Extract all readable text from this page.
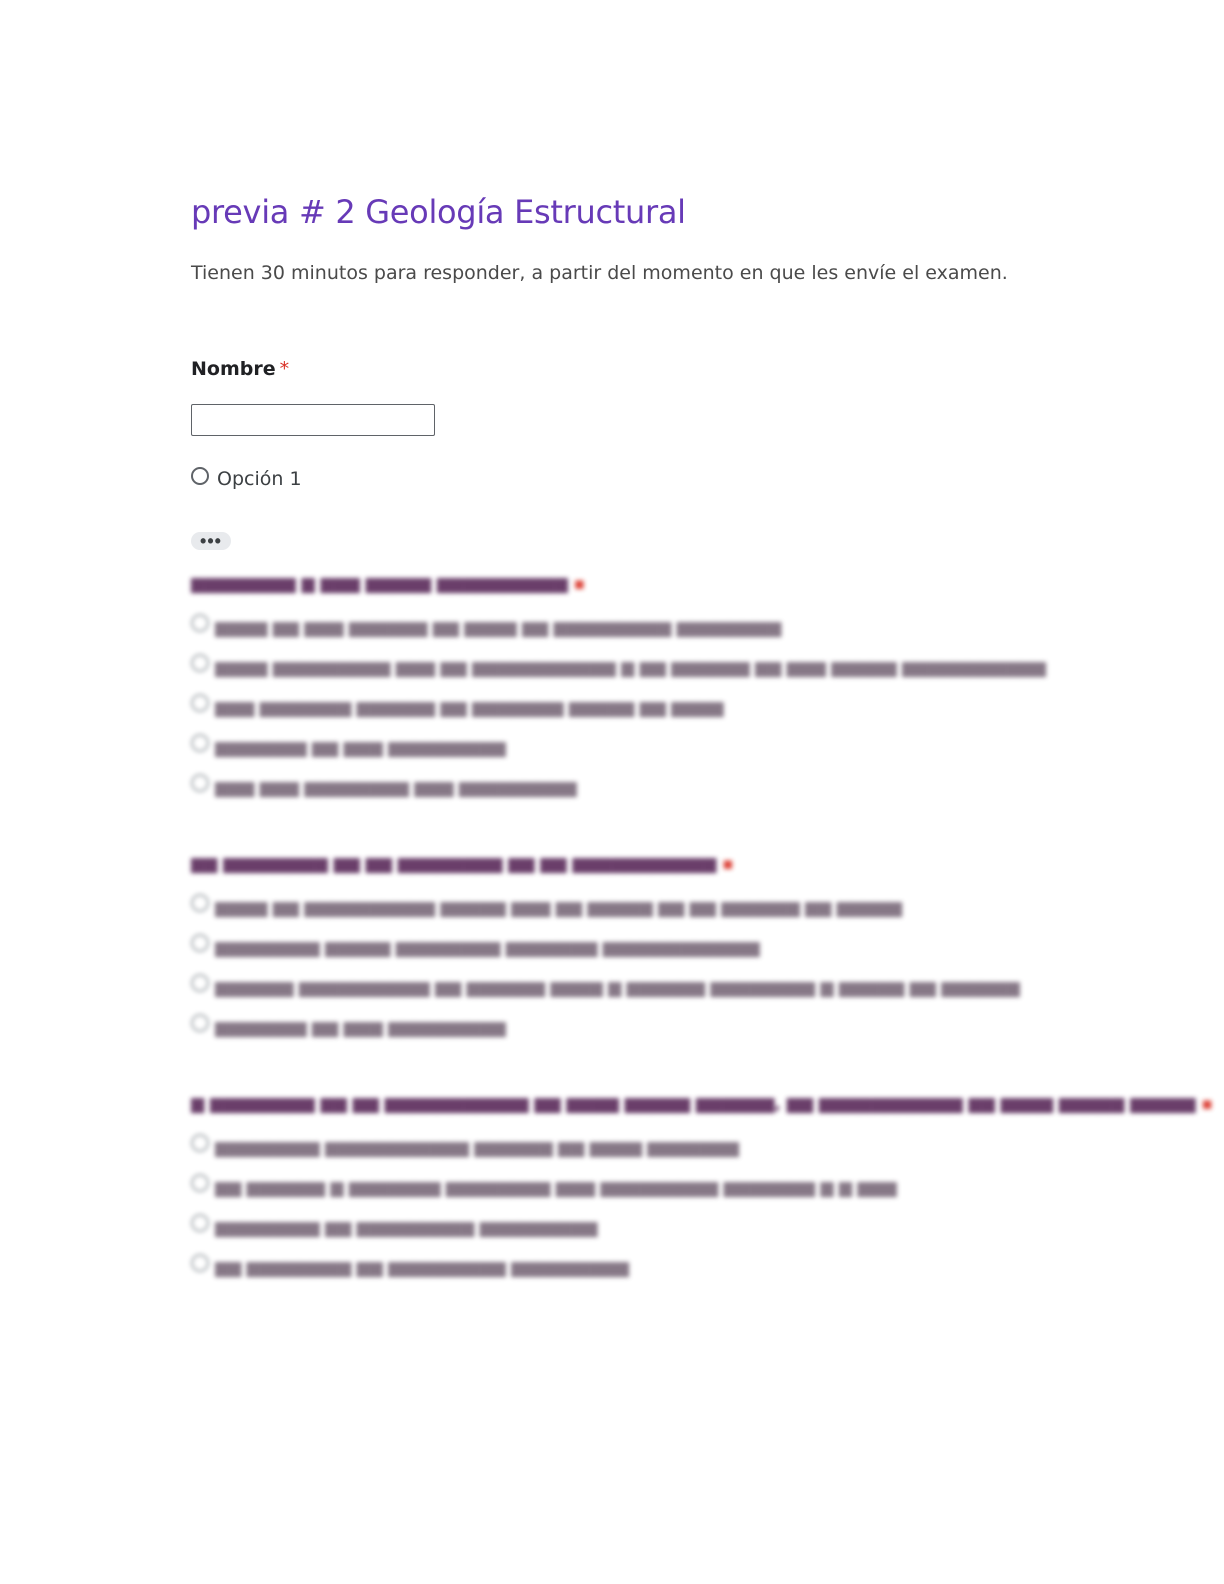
previa # 2 Geología Estructural
Tienen 30 minutos para responder, a partir del momento en que les envíe el examen.
Nombre *
Opción 1
•••
▆▆▆▆▆▆▆▆ ▆ ▆▆▆ ▆▆▆▆▆ ▆▆▆▆▆▆▆▆▆▆ ▪
▆▆▆▆ ▆▆ ▆▆▆ ▆▆▆▆▆▆ ▆▆ ▆▆▆▆ ▆▆ ▆▆▆▆▆▆▆▆▆ ▆▆▆▆▆▆▆▆
▆▆▆▆ ▆▆▆▆▆▆▆▆▆ ▆▆▆ ▆▆ ▆▆▆▆▆▆▆▆▆▆▆ ▆ ▆▆ ▆▆▆▆▆▆ ▆▆ ▆▆▆ ▆▆▆▆▆ ▆▆▆▆▆▆▆▆▆▆▆
▆▆▆ ▆▆▆▆▆▆▆ ▆▆▆▆▆▆ ▆▆ ▆▆▆▆▆▆▆ ▆▆▆▆▆ ▆▆ ▆▆▆▆
▆▆▆▆▆▆▆ ▆▆ ▆▆▆ ▆▆▆▆▆▆▆▆▆
▆▆▆ ▆▆▆ ▆▆▆▆▆▆▆▆ ▆▆▆ ▆▆▆▆▆▆▆▆▆
▆▆ ▆▆▆▆▆▆▆▆ ▆▆ ▆▆ ▆▆▆▆▆▆▆▆ ▆▆ ▆▆ ▆▆▆▆▆▆▆▆▆▆▆ ▪
▆▆▆▆ ▆▆ ▆▆▆▆▆▆▆▆▆▆ ▆▆▆▆▆ ▆▆▆ ▆▆ ▆▆▆▆▆ ▆▆ ▆▆ ▆▆▆▆▆▆ ▆▆ ▆▆▆▆▆
▆▆▆▆▆▆▆▆ ▆▆▆▆▆ ▆▆▆▆▆▆▆▆ ▆▆▆▆▆▆▆ ▆▆▆▆▆▆▆▆▆▆▆▆
▆▆▆▆▆▆ ▆▆▆▆▆▆▆▆▆▆ ▆▆ ▆▆▆▆▆▆ ▆▆▆▆ ▆ ▆▆▆▆▆▆ ▆▆▆▆▆▆▆▆ ▆ ▆▆▆▆▆ ▆▆ ▆▆▆▆▆▆
▆▆▆▆▆▆▆ ▆▆ ▆▆▆ ▆▆▆▆▆▆▆▆▆
▆ ▆▆▆▆▆▆▆▆ ▆▆ ▆▆ ▆▆▆▆▆▆▆▆▆▆▆ ▆▆ ▆▆▆▆ ▆▆▆▆▆ ▆▆▆▆▆▆, ▆▆ ▆▆▆▆▆▆▆▆▆▆▆ ▆▆ ▆▆▆▆ ▆▆▆▆▆ ▆▆▆▆▆ ▪
▆▆▆▆▆▆▆▆ ▆▆▆▆▆▆▆▆▆▆▆ ▆▆▆▆▆▆ ▆▆ ▆▆▆▆ ▆▆▆▆▆▆▆
▆▆ ▆▆▆▆▆▆ ▆ ▆▆▆▆▆▆▆ ▆▆▆▆▆▆▆▆ ▆▆▆ ▆▆▆▆▆▆▆▆▆ ▆▆▆▆▆▆▆ ▆ ▆ ▆▆▆
▆▆▆▆▆▆▆▆ ▆▆ ▆▆▆▆▆▆▆▆▆ ▆▆▆▆▆▆▆▆▆
▆▆ ▆▆▆▆▆▆▆▆ ▆▆ ▆▆▆▆▆▆▆▆▆ ▆▆▆▆▆▆▆▆▆
